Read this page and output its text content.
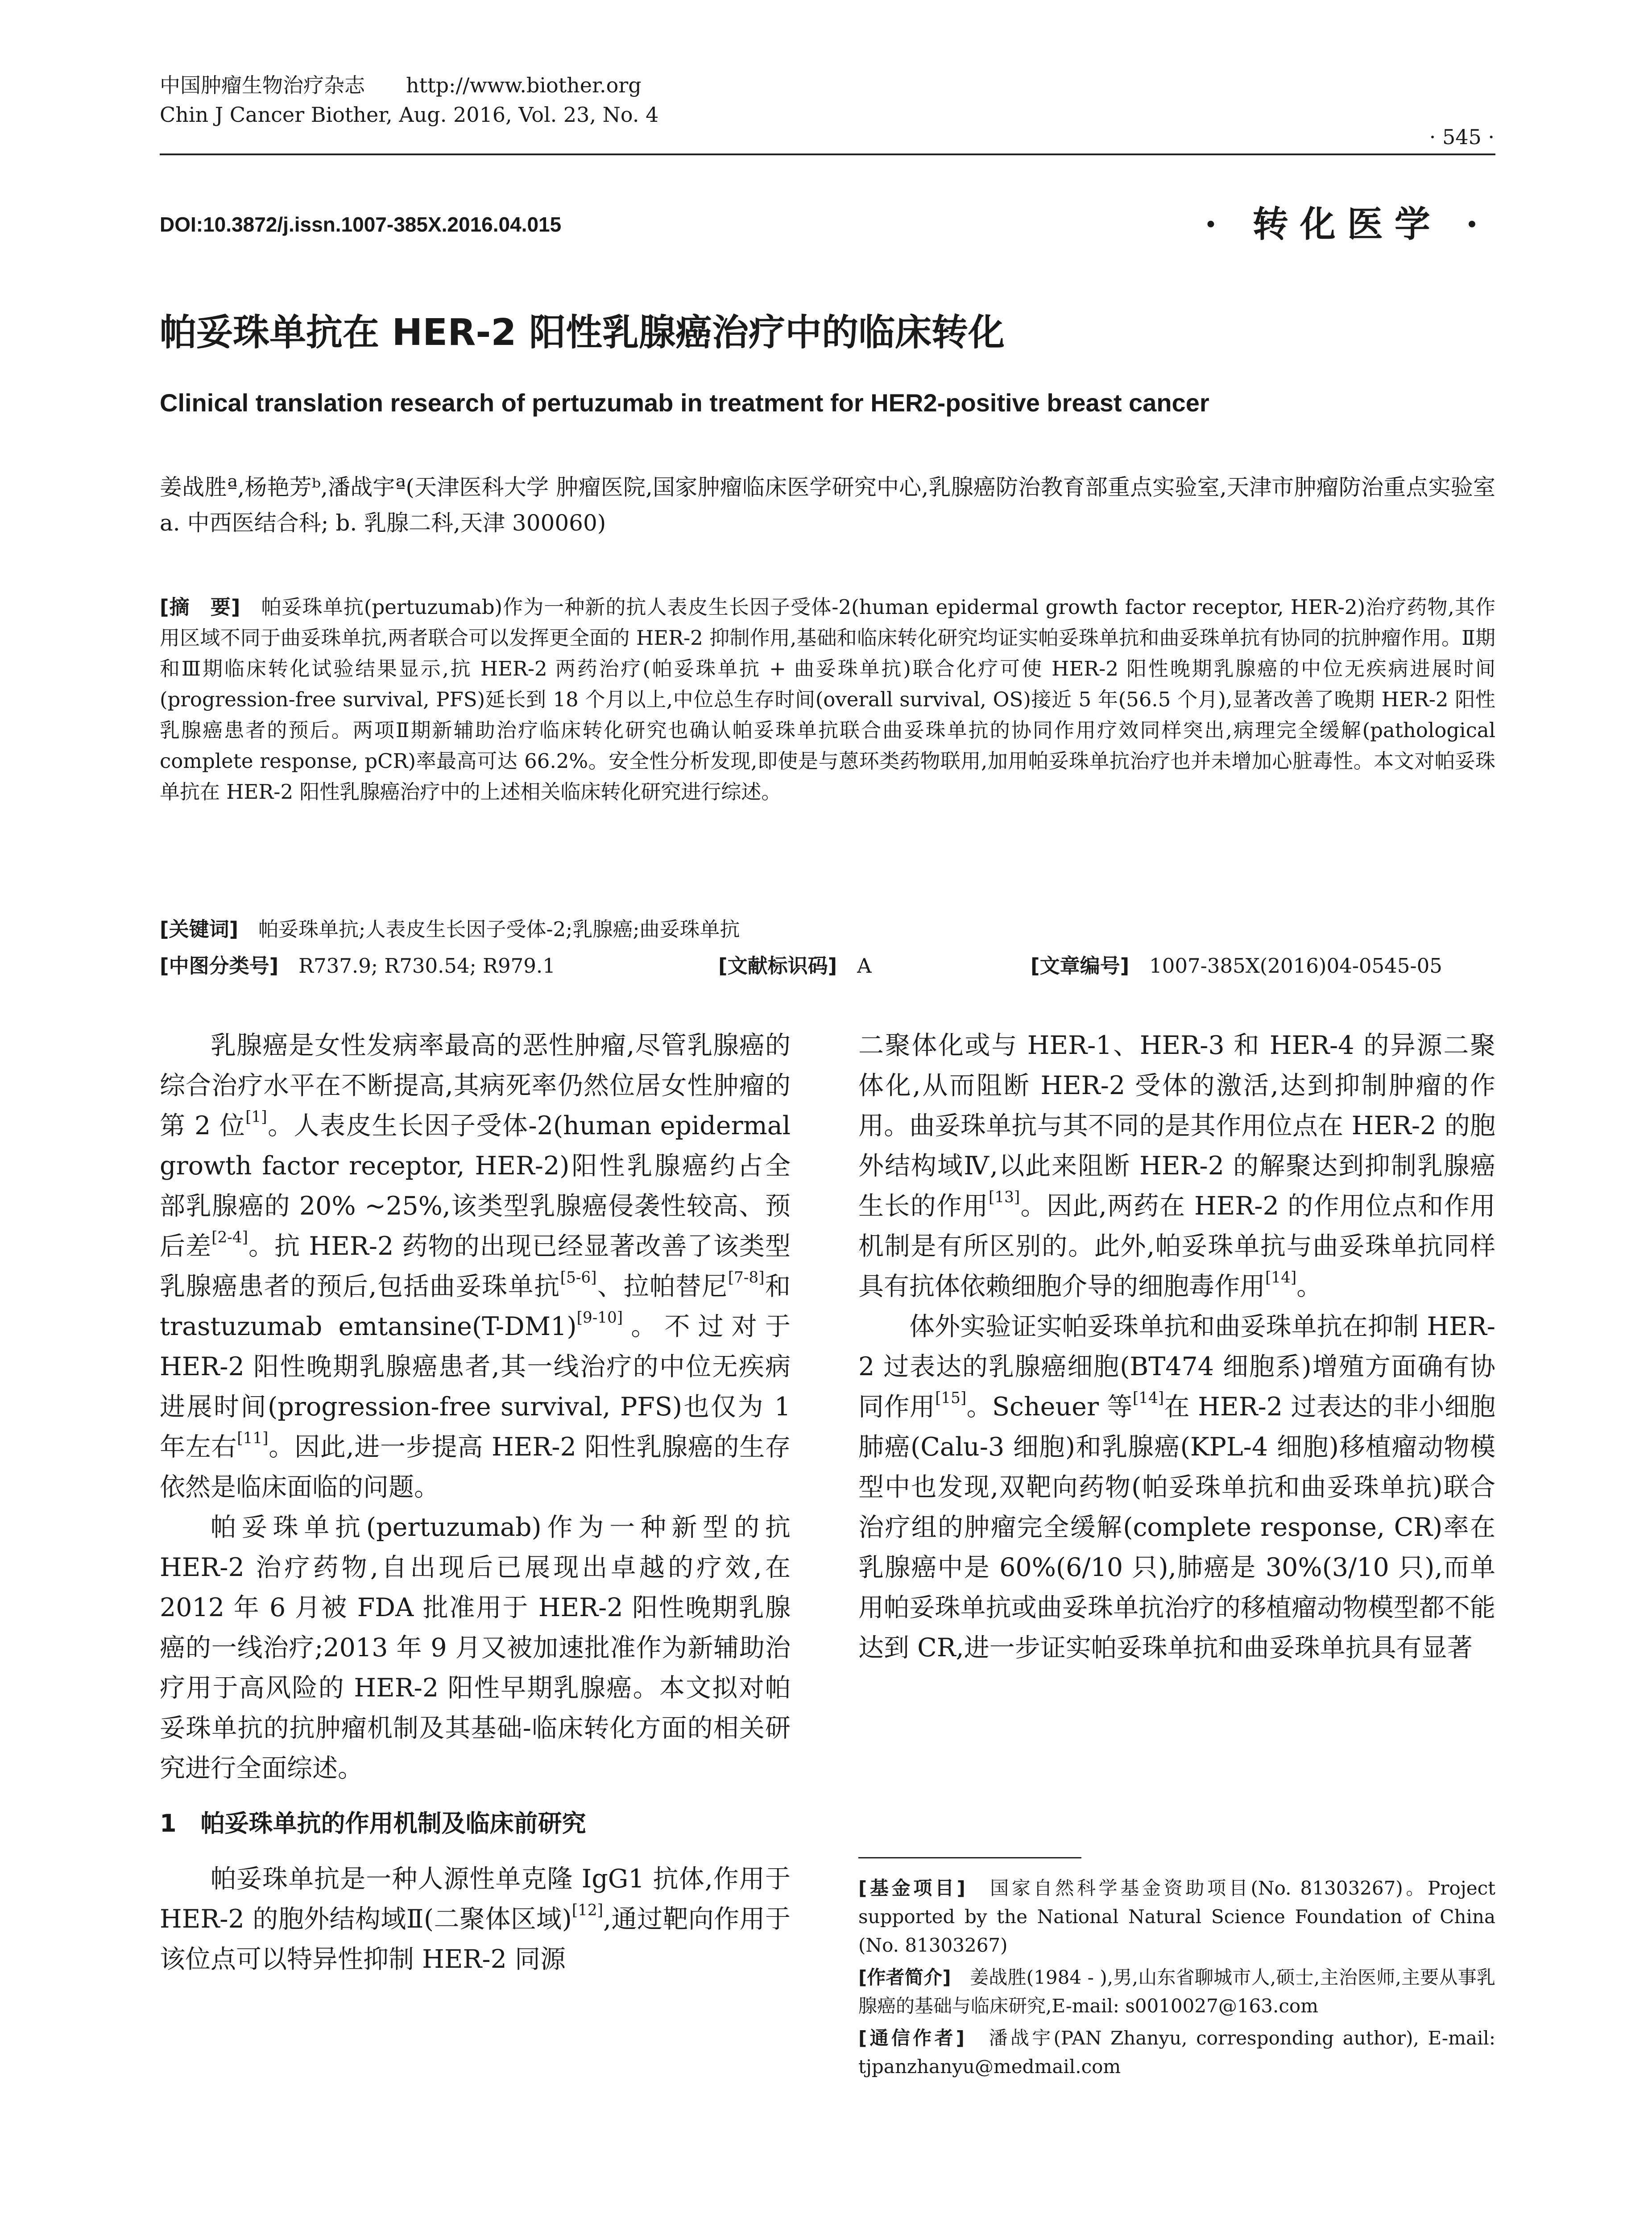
中国肿瘤生物治疗杂志　　 http://www.biother.org
Chin J Cancer Biother, Aug. 2016, Vol. 23, No. 4
· 545 ·
DOI:10.3872/j.issn.1007-385X.2016.04.015	· 转化医学 ·
帕妥珠单抗在 HER-2 阳性乳腺癌治疗中的临床转化
Clinical translation research of pertuzumab in treatment for HER2-positive breast cancer
姜战胜ª,杨艳芳ᵇ,潘战宇ª(天津医科大学 肿瘤医院,国家肿瘤临床医学研究中心,乳腺癌防治教育部重点实验室,天津市肿瘤防治重点实验室 a. 中西医结合科; b. 乳腺二科,天津 300060)
[摘　要]　 帕妥珠单抗(pertuzumab)作为一种新的抗人表皮生长因子受体-2(human epidermal growth factor receptor, HER-2)治疗药物,其作用区域不同于曲妥珠单抗,两者联合可以发挥更全面的 HER-2 抑制作用,基础和临床转化研究均证实帕妥珠单抗和曲妥珠单抗有协同的抗肿瘤作用。Ⅱ期和Ⅲ期临床转化试验结果显示,抗 HER-2 两药治疗(帕妥珠单抗 + 曲妥珠单抗)联合化疗可使 HER-2 阳性晚期乳腺癌的中位无疾病进展时间(progression-free survival, PFS)延长到 18 个月以上,中位总生存时间(overall survival, OS)接近 5 年(56.5 个月),显著改善了晚期 HER-2 阳性乳腺癌患者的预后。两项Ⅱ期新辅助治疗临床转化研究也确认帕妥珠单抗联合曲妥珠单抗的协同作用疗效同样突出,病理完全缓解(pathological complete response, pCR)率最高可达 66.2%。安全性分析发现,即使是与蒽环类药物联用,加用帕妥珠单抗治疗也并未增加心脏毒性。本文对帕妥珠单抗在 HER-2 阳性乳腺癌治疗中的上述相关临床转化研究进行综述。
[关键词]　 帕妥珠单抗;人表皮生长因子受体-2;乳腺癌;曲妥珠单抗
[中图分类号]　 R737.9; R730.54; R979.1	[文献标识码]　 A	[文章编号]　 1007-385X(2016)04-0545-05

乳腺癌是女性发病率最高的恶性肿瘤,尽管乳腺癌的综合治疗水平在不断提高,其病死率仍然位居女性肿瘤的第 2 位[1]。人表皮生长因子受体-2(human epidermal growth factor receptor, HER-2)阳性乳腺癌约占全部乳腺癌的 20% ~25%,该类型乳腺癌侵袭性较高、预后差[2-4]。抗 HER-2 药物的出现已经显著改善了该类型乳腺癌患者的预后,包括曲妥珠单抗[5-6]、拉帕替尼[7-8]和 trastuzumab emtansine(T-DM1)[9-10]。不过对于 HER-2 阳性晚期乳腺癌患者,其一线治疗的中位无疾病进展时间(progression-free survival, PFS)也仅为 1 年左右[11]。因此,进一步提高 HER-2 阳性乳腺癌的生存依然是临床面临的问题。

帕妥珠单抗(pertuzumab)作为一种新型的抗 HER-2 治疗药物,自出现后已展现出卓越的疗效,在 2012 年 6 月被 FDA 批准用于 HER-2 阳性晚期乳腺癌的一线治疗;2013 年 9 月又被加速批准作为新辅助治疗用于高风险的 HER-2 阳性早期乳腺癌。本文拟对帕妥珠单抗的抗肿瘤机制及其基础-临床转化方面的相关研究进行全面综述。

1　帕妥珠单抗的作用机制及临床前研究

帕妥珠单抗是一种人源性单克隆 IgG1 抗体,作用于 HER-2 的胞外结构域Ⅱ(二聚体区域)[12],通过靶向作用于该位点可以特异性抑制 HER-2 同源

二聚体化或与 HER-1、HER-3 和 HER-4 的异源二聚体化,从而阻断 HER-2 受体的激活,达到抑制肿瘤的作用。曲妥珠单抗与其不同的是其作用位点在 HER-2 的胞外结构域Ⅳ,以此来阻断 HER-2 的解聚达到抑制乳腺癌生长的作用[13]。因此,两药在 HER-2 的作用位点和作用机制是有所区别的。此外,帕妥珠单抗与曲妥珠单抗同样具有抗体依赖细胞介导的细胞毒作用[14]。

体外实验证实帕妥珠单抗和曲妥珠单抗在抑制 HER-2 过表达的乳腺癌细胞(BT474 细胞系)增殖方面确有协同作用[15]。Scheuer 等[14]在 HER-2 过表达的非小细胞肺癌(Calu-3 细胞)和乳腺癌(KPL-4 细胞)移植瘤动物模型中也发现,双靶向药物(帕妥珠单抗和曲妥珠单抗)联合治疗组的肿瘤完全缓解(complete response, CR)率在乳腺癌中是 60%(6/10 只),肺癌是 30%(3/10 只),而单用帕妥珠单抗或曲妥珠单抗治疗的移植瘤动物模型都不能达到 CR,进一步证实帕妥珠单抗和曲妥珠单抗具有显著

[基金项目]　 国家自然科学基金资助项目(No. 81303267)。Project supported by the National Natural Science Foundation of China (No. 81303267)

[作者简介]　 姜战胜(1984 - ),男,山东省聊城市人,硕士,主治医师,主要从事乳腺癌的基础与临床研究,E-mail: s0010027@163.com

[通信作者]　 潘战宇(PAN Zhanyu, corresponding author), E-mail: tjpanzhanyu@medmail.com
